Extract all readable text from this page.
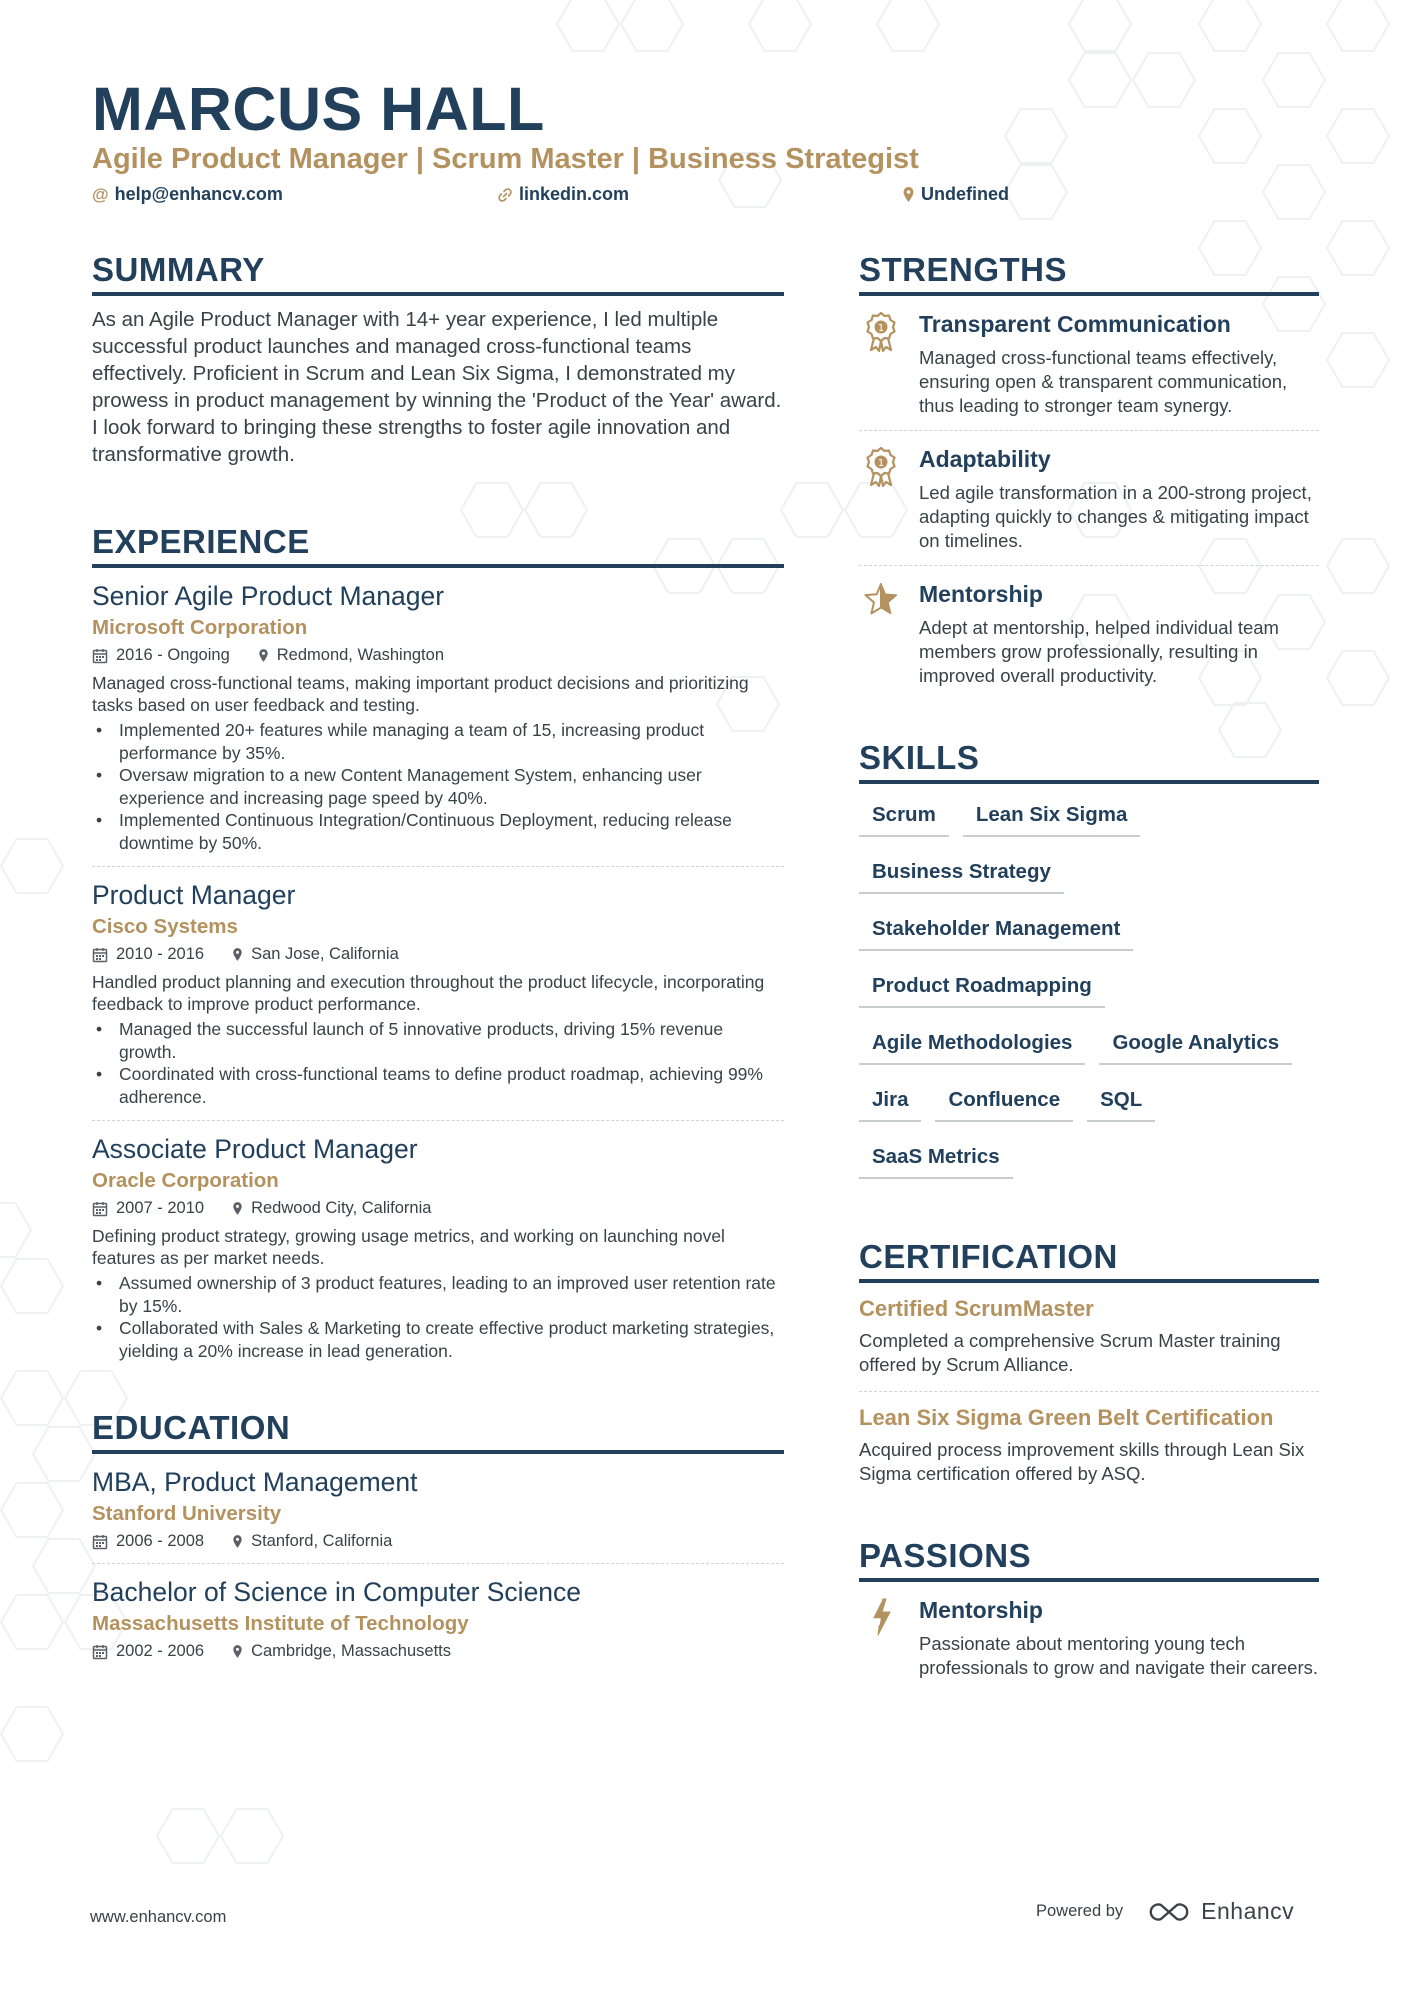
MARCUS HALL
Agile Product Manager | Scrum Master | Business Strategist
@ help@enhancv.com	linkedin.com	Undefined
SUMMARY

As an Agile Product Manager with 14+ year experience, I led multiple successful product launches and managed cross-functional teams effectively. Proficient in Scrum and Lean Six Sigma, I demonstrated my prowess in product management by winning the 'Product of the Year' award. I look forward to bringing these strengths to foster agile innovation and transformative growth.

EXPERIENCE
Senior Agile Product Manager
Microsoft Corporation
2016 - Ongoing	Redmond, Washington

Managed cross-functional teams, making important product decisions and prioritizing tasks based on user feedback and testing.

• Implemented 20+ features while managing a team of 15, increasing product performance by 35%.
• Oversaw migration to a new Content Management System, enhancing user experience and increasing page speed by 40%.
• Implemented Continuous Integration/Continuous Deployment, reducing release downtime by 50%.
Product Manager
Cisco Systems
2010 - 2016	San Jose, California

Handled product planning and execution throughout the product lifecycle, incorporating feedback to improve product performance.

• Managed the successful launch of 5 innovative products, driving 15% revenue growth.
• Coordinated with cross-functional teams to define product roadmap, achieving 99% adherence.
Associate Product Manager
Oracle Corporation
2007 - 2010	Redwood City, California

Defining product strategy, growing usage metrics, and working on launching novel features as per market needs.

• Assumed ownership of 3 product features, leading to an improved user retention rate by 15%.
• Collaborated with Sales & Marketing to create effective product marketing strategies, yielding a 20% increase in lead generation.
EDUCATION
MBA, Product Management
Stanford University
2006 - 2008	Stanford, California
Bachelor of Science in Computer Science
Massachusetts Institute of Technology
2002 - 2006	Cambridge, Massachusetts
STRENGTHS
1 Transparent Communication

Managed cross-functional teams effectively, ensuring open & transparent communication, thus leading to stronger team synergy.

1 Adaptability

Led agile transformation in a 200-strong project, adapting quickly to changes & mitigating impact on timelines.

Mentorship

Adept at mentorship, helped individual team members grow professionally, resulting in improved overall productivity.

SKILLS
Scrum	Lean Six Sigma
Business Strategy
Stakeholder Management
Product Roadmapping
Agile Methodologies	Google Analytics
Jira	Confluence	SQL
SaaS Metrics
CERTIFICATION
Certified ScrumMaster

Completed a comprehensive Scrum Master training offered by Scrum Alliance.

Lean Six Sigma Green Belt Certification

Acquired process improvement skills through Lean Six Sigma certification offered by ASQ.

PASSIONS
Mentorship

Passionate about mentoring young tech professionals to grow and navigate their careers.

www.enhancv.com	Powered by	Enhancv
